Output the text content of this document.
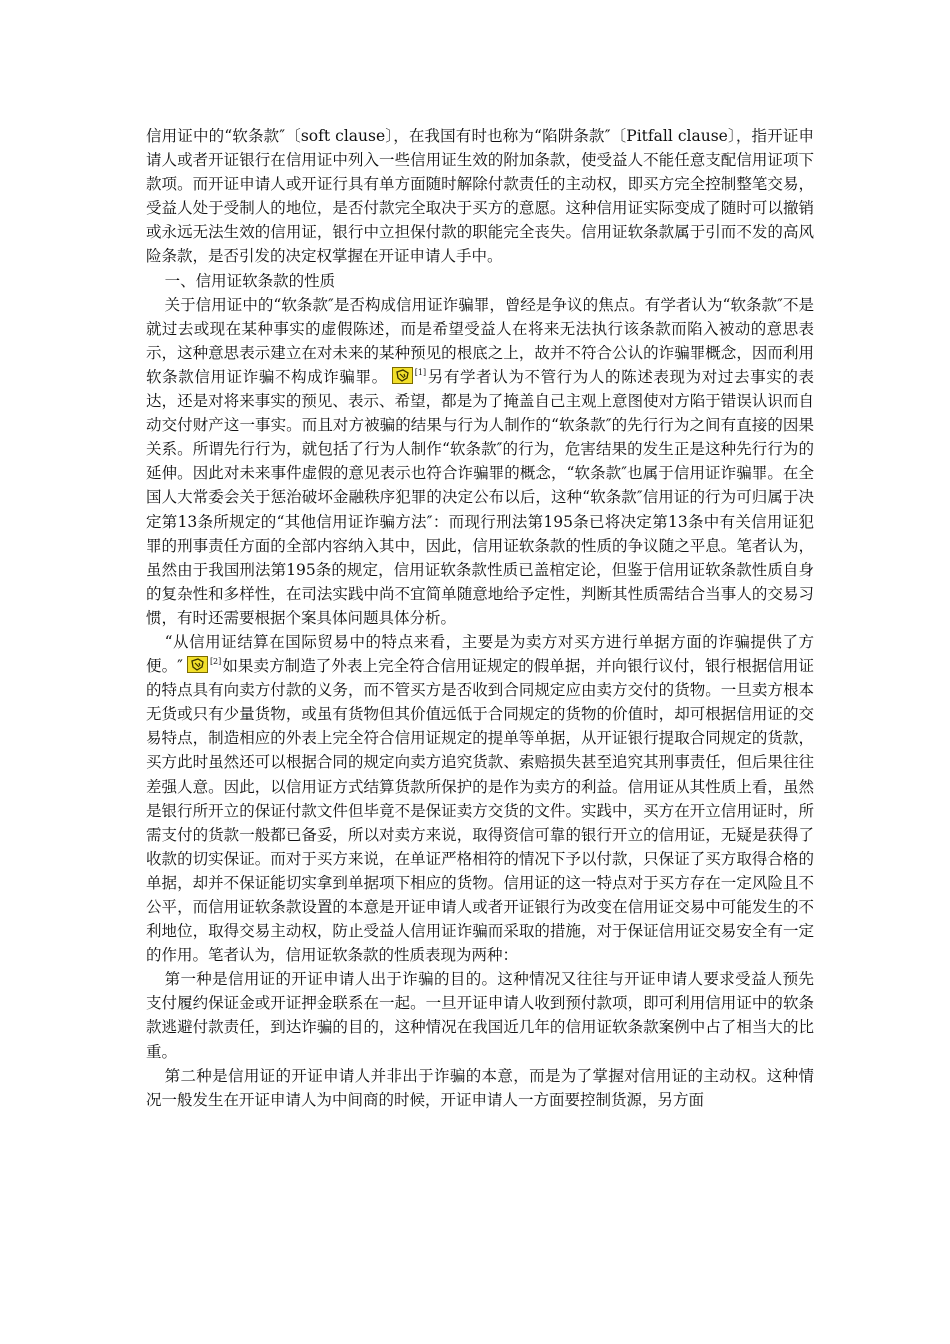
信用证中的“软条款″〔soft clause〕，在我国有时也称为“陷阱条款″〔Pitfall clause〕，指开证申请人或者开证银行在信用证中列入一些信用证生效的附加条款，使受益人不能任意支配信用证项下款项。而开证申请人或开证行具有单方面随时解除付款责任的主动权，即买方完全控制整笔交易，受益人处于受制人的地位，是否付款完全取决于买方的意愿。这种信用证实际变成了随时可以撤销或永远无法生效的信用证，银行中立担保付款的职能完全丧失。信用证软条款属于引而不发的高风险条款，是否引发的决定权掌握在开证申请人手中。

一、信用证软条款的性质

关于信用证中的“软条款″是否构成信用证诈骗罪，曾经是争议的焦点。有学者认为“软条款″不是就过去或现在某种事实的虚假陈述，而是希望受益人在将来无法执行该条款而陷入被动的意思表示，这种意思表示建立在对未来的某种预见的根底之上，故并不符合公认的诈骗罪概念，因而利用软条款信用证诈骗不构成诈骗罪。	[1]另有学者认为不管行为人的陈述表现为对过去事实的表达，还是对将来事实的预见、表示、希望，都是为了掩盖自己主观上意图使对方陷于错误认识而自动交付财产这一事实。而且对方被骗的结果与行为人制作的“软条款″的先行行为之间有直接的因果关系。所谓先行行为，就包括了行为人制作“软条款″的行为，危害结果的发生正是这种先行行为的延伸。因此对未来事件虚假的意见表示也符合诈骗罪的概念，“软条款″也属于信用证诈骗罪。在全国人大常委会关于惩治破坏金融秩序犯罪的决定公布以后，这种“软条款″信用证的行为可归属于决定第13条所规定的“其他信用证诈骗方法″：而现行刑法第195条已将决定第13条中有关信用证犯罪的刑事责任方面的全部内容纳入其中，因此，信用证软条款的性质的争议随之平息。笔者认为，虽然由于我国刑法第195条的规定，信用证软条款性质已盖棺定论，但鉴于信用证软条款性质自身的复杂性和多样性，在司法实践中尚不宜简单随意地给予定性，判断其性质需结合当事人的交易习惯，有时还需要根据个案具体问题具体分析。

“从信用证结算在国际贸易中的特点来看，主要是为卖方对买方进行单据方面的诈骗提供了方便。″	[2]如果卖方制造了外表上完全符合信用证规定的假单据，并向银行议付，银行根据信用证的特点具有向卖方付款的义务，而不管买方是否收到合同规定应由卖方交付的货物。一旦卖方根本无货或只有少量货物，或虽有货物但其价值远低于合同规定的货物的价值时，却可根据信用证的交易特点，制造相应的外表上完全符合信用证规定的提单等单据，从开证银行提取合同规定的货款，买方此时虽然还可以根据合同的规定向卖方追究货款、索赔损失甚至追究其刑事责任，但后果往往差强人意。因此，以信用证方式结算货款所保护的是作为卖方的利益。信用证从其性质上看，虽然是银行所开立的保证付款文件但毕竟不是保证卖方交货的文件。实践中，买方在开立信用证时，所需支付的货款一般都已备妥，所以对卖方来说，取得资信可靠的银行开立的信用证，无疑是获得了收款的切实保证。而对于买方来说，在单证严格相符的情况下予以付款，只保证了买方取得合格的单据，却并不保证能切实拿到单据项下相应的货物。信用证的这一特点对于买方存在一定风险且不公平，而信用证软条款设置的本意是开证申请人或者开证银行为改变在信用证交易中可能发生的不利地位，取得交易主动权，防止受益人信用证诈骗而采取的措施，对于保证信用证交易安全有一定的作用。笔者认为，信用证软条款的性质表现为两种：

第一种是信用证的开证申请人出于诈骗的目的。这种情况又往往与开证申请人要求受益人预先支付履约保证金或开证押金联系在一起。一旦开证申请人收到预付款项，即可利用信用证中的软条款逃避付款责任，到达诈骗的目的，这种情况在我国近几年的信用证软条款案例中占了相当大的比重。

第二种是信用证的开证申请人并非出于诈骗的本意，而是为了掌握对信用证的主动权。这种情况一般发生在开证申请人为中间商的时候，开证申请人一方面要控制货源，另方面
